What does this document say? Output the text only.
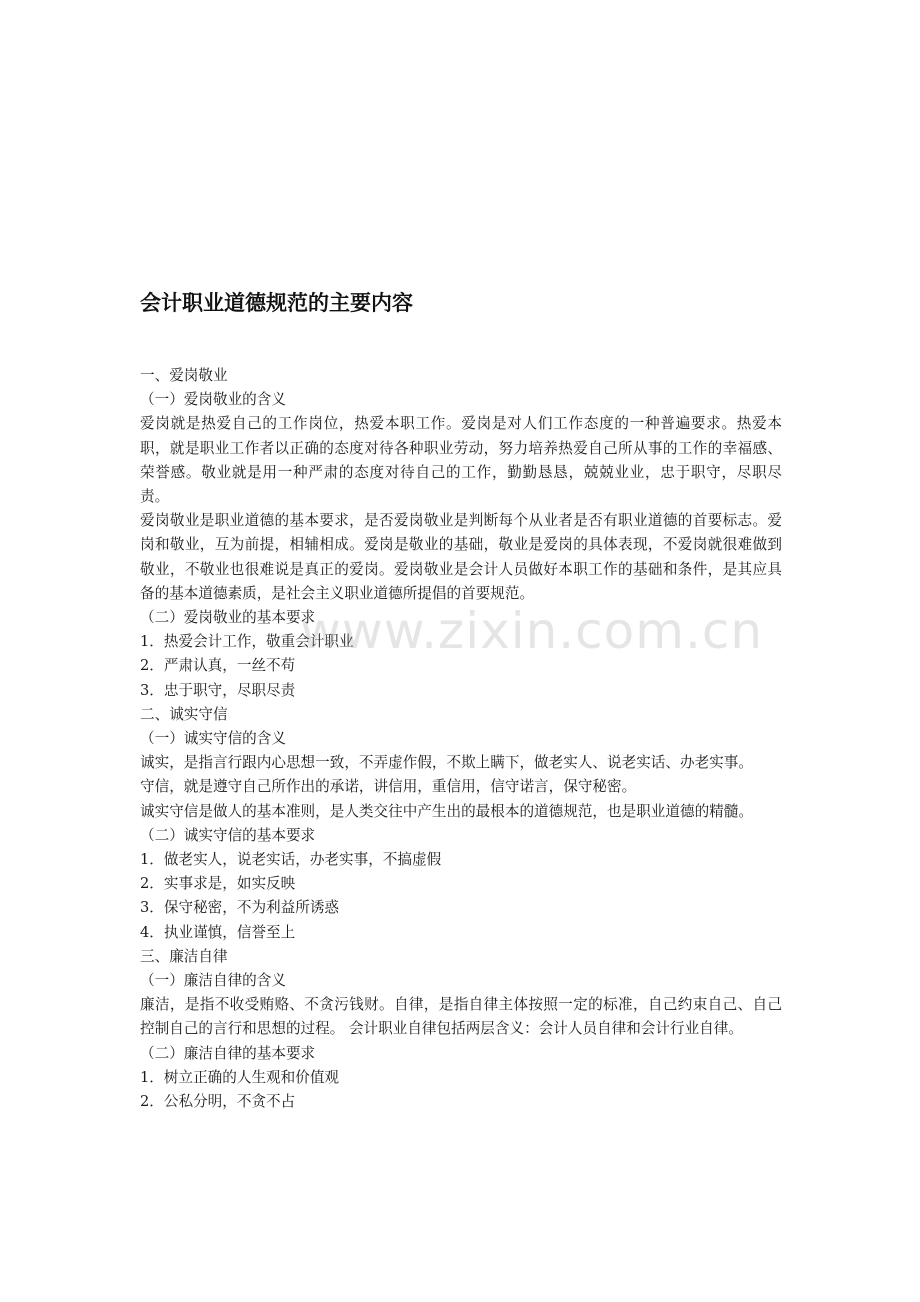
会计职业道德规范的主要内容

一、爱岗敬业

（一）爱岗敬业的含义

爱岗就是热爱自己的工作岗位，热爱本职工作。爱岗是对人们工作态度的一种普遍要求。热爱本职，就是职业工作者以正确的态度对待各种职业劳动，努力培养热爱自己所从事的工作的幸福感、荣誉感。敬业就是用一种严肃的态度对待自己的工作，勤勤恳恳，兢兢业业，忠于职守，尽职尽责。

爱岗敬业是职业道德的基本要求，是否爱岗敬业是判断每个从业者是否有职业道德的首要标志。爱岗和敬业，互为前提，相辅相成。爱岗是敬业的基础，敬业是爱岗的具体表现，不爱岗就很难做到敬业，不敬业也很难说是真正的爱岗。爱岗敬业是会计人员做好本职工作的基础和条件，是其应具备的基本道德素质，是社会主义职业道德所提倡的首要规范。

（二）爱岗敬业的基本要求

1．热爱会计工作，敬重会计职业

2．严肃认真，一丝不苟

3．忠于职守，尽职尽责

二、诚实守信

（一）诚实守信的含义

诚实，是指言行跟内心思想一致，不弄虚作假，不欺上瞒下，做老实人、说老实话、办老实事。

守信，就是遵守自己所作出的承诺，讲信用，重信用，信守诺言，保守秘密。

诚实守信是做人的基本准则，是人类交往中产生出的最根本的道德规范，也是职业道德的精髓。

（二）诚实守信的基本要求

1．做老实人，说老实话，办老实事，不搞虚假

2．实事求是，如实反映

3．保守秘密，不为利益所诱惑

4．执业谨慎，信誉至上

三、廉洁自律

（一）廉洁自律的含义

廉洁，是指不收受贿赂、不贪污钱财。自律，是指自律主体按照一定的标准，自己约束自己、自己控制自己的言行和思想的过程。 会计职业自律包括两层含义：会计人员自律和会计行业自律。

（二）廉洁自律的基本要求

1．树立正确的人生观和价值观

2．公私分明，不贪不占

www.zixin.com.cn
